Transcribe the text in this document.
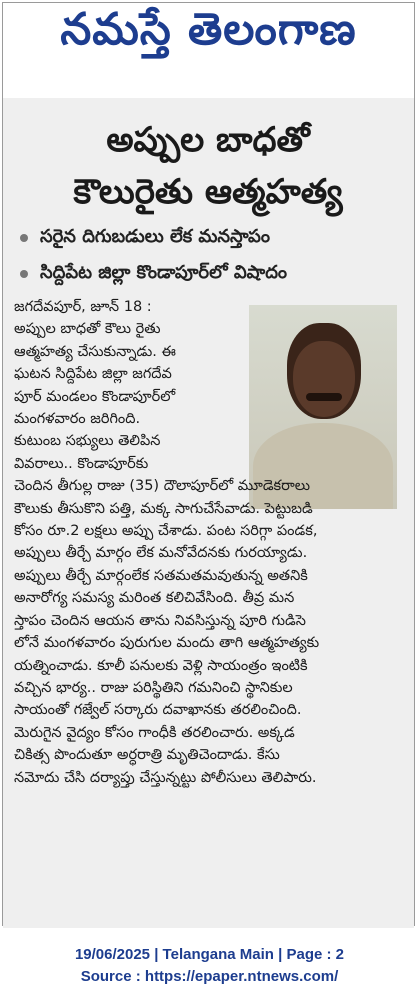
నమస్తే తెలంగాణ
అప్పుల బాధతో
కౌలురైతు ఆత్మహత్య
సరైన దిగుబడులు లేక మనస్తాపం
సిద్దిపేట జిల్లా కొండాపూర్‌లో విషాదం
జగదేవపూర్, జూన్ 18 :
అప్పుల బాధతో కౌలు రైతు
ఆత్మహత్య చేసుకున్నాడు. ఈ
ఘటన సిద్దిపేట జిల్లా జగదేవ
పూర్ మండలం కొండాపూర్‌లో
మంగళవారం జరిగింది.
కుటుంబ సభ్యులు తెలిపిన
వివరాలు.. కొండాపూర్‌కు
చెందిన తీగుల్ల రాజు (35) దౌలాపూర్‌లో మూడెకరాలు
కౌలుకు తీసుకొని పత్తి, మక్క సాగుచేసేవాడు. పెట్టుబడి
కోసం రూ.2 లక్షలు అప్పు చేశాడు. పంట సరిగ్గా పండక,
అప్పులు తీర్చే మార్గం లేక మనోవేదనకు గురయ్యాడు.
అప్పులు తీర్చే మార్గంలేక సతమతమవుతున్న అతనికి
అనారోగ్య సమస్య మరింత కలిచివేసింది. తీవ్ర మన
స్తాపం చెందిన ఆయన తాను నివసిస్తున్న పూరి గుడిసె
లోనే మంగళవారం పురుగుల మందు తాగి ఆత్మహత్యకు
యత్నించాడు. కూలీ పనులకు వెళ్లి సాయంత్రం ఇంటికి
వచ్చిన భార్య.. రాజు పరిస్థితిని గమనించి స్థానికుల
సాయంతో గజ్వేల్ సర్కారు దవాఖానకు తరలించింది.
మెరుగైన వైద్యం కోసం గాంధీకి తరలించారు. అక్కడ
చికిత్స పొందుతూ అర్ధరాత్రి మృతిచెందాడు. కేసు
నమోదు చేసి దర్యాప్తు చేస్తున్నట్టు పోలీసులు తెలిపారు.
19/06/2025 | Telangana Main | Page : 2
Source : https://epaper.ntnews.com/
